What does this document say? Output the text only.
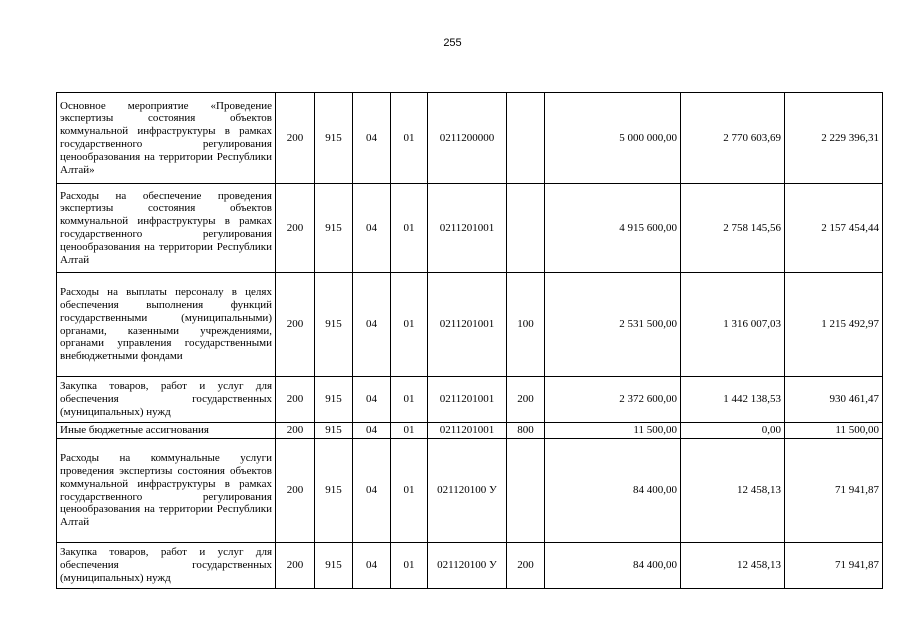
255
Основное мероприятие «Проведение экспертизы состояния объектов коммунальной инфраструктуры в рамках государственного регулирования ценообразования на территории Республики Алтай»	200	915	04	01	0211200000		5 000 000,00	2 770 603,69	2 229 396,31
Расходы на обеспечение проведения экспертизы состояния объектов коммунальной инфраструктуры в рамках государственного регулирования ценообразования на территории Республики Алтай	200	915	04	01	0211201001		4 915 600,00	2 758 145,56	2 157 454,44
Расходы на выплаты персоналу в целях обеспечения выполнения функций государственными (муниципальными) органами, казенными учреждениями, органами управления государственными внебюджетными фондами	200	915	04	01	0211201001	100	2 531 500,00	1 316 007,03	1 215 492,97
Закупка товаров, работ и услуг для обеспечения государственных (муниципальных) нужд	200	915	04	01	0211201001	200	2 372 600,00	1 442 138,53	930 461,47
Иные бюджетные ассигнования	200	915	04	01	0211201001	800	11 500,00	0,00	11 500,00
Расходы на коммунальные услуги проведения экспертизы состояния объектов коммунальной инфраструктуры в рамках государственного регулирования ценообразования на территории Республики Алтай	200	915	04	01	021120100 У		84 400,00	12 458,13	71 941,87
Закупка товаров, работ и услуг для обеспечения государственных (муниципальных) нужд	200	915	04	01	021120100 У	200	84 400,00	12 458,13	71 941,87
